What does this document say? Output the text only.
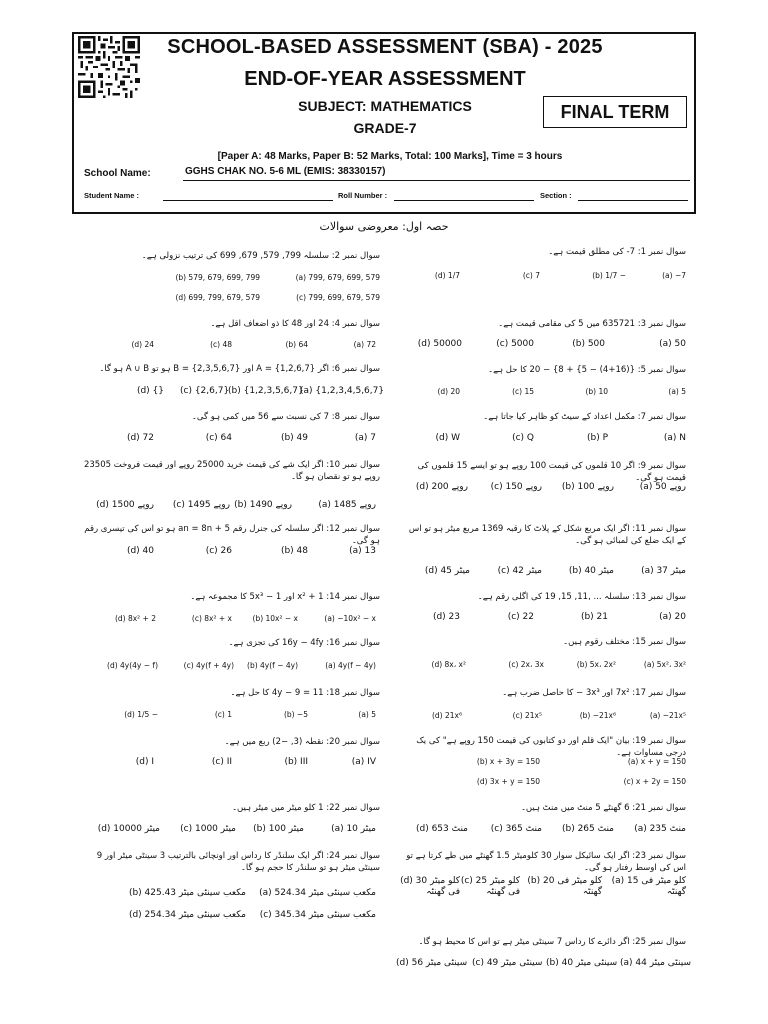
SCHOOL-BASED ASSESSMENT (SBA) - 2025
END-OF-YEAR ASSESSMENT
SUBJECT: MATHEMATICS
GRADE-7
FINAL TERM
[Paper A: 48 Marks, Paper B: 52 Marks, Total: 100 Marks], Time = 3 hours
School Name:	GGHS CHAK NO. 5-6 ML (EMIS: 38330157)
Student Name :	Roll Number :	Section :
حصہ اول: معروضی سوالات
سوال نمبر 1: 7- کی مطلق قیمت ہے۔
(a) −7
(b) 1/7 −
(c) 7
(d) 1/7
سوال نمبر 2: سلسلہ 799, 579, 679, 699 کی ترتیب نزولی ہے۔
(a) 799, 679, 699, 579
(b) 579, 679, 699, 799
(c) 799, 699, 679, 579
(d) 699, 799, 679, 579
سوال نمبر 3: 635721 میں 5 کی مقامی قیمت ہے۔
(a) 50
(b) 500
(c) 5000
(d) 50000
سوال نمبر 4: 24 اور 48 کا ذو اضعاف اقل ہے۔
(a) 72
(b) 64
(c) 48
(d) 24
سوال نمبر 5: {(16+4) − 5} + 8} − 20 کا حل ہے۔
(a) 5
(b) 10
(c) 15
(d) 20
سوال نمبر 6: اگر A = {1,2,6,7} اور B = {2,3,5,6,7} ہو تو A ∪ B ہو گا۔
(a) {1,2,3,4,5,6,7}
(b) {1,2,3,5,6,7}
(c) {2,6,7}
(d) {}
سوال نمبر 7: مکمل اعداد کے سیٹ کو ظاہر کیا جاتا ہے۔
(a) N
(b) P
(c) Q
(d) W
سوال نمبر 8: 7 کی نسبت سے 56 میں کمی ہو گی۔
(a) 7
(b) 49
(c) 64
(d) 72
سوال نمبر 9: اگر 10 قلموں کی قیمت 100 روپے ہو تو ایسے 15 قلموں کی قیمت ہو گی۔
(a) 50 روپے
(b) 100 روپے
(c) 150 روپے
(d) 200 روپے
سوال نمبر 10: اگر ایک شے کی قیمت خرید 25000 روپے اور قیمت فروخت 23505 روپے ہو تو نقصان ہو گا۔
(a) 1485 روپے
(b) 1490 روپے
(c) 1495 روپے
(d) 1500 روپے
سوال نمبر 11: اگر ایک مربع شکل کے پلاٹ کا رقبہ 1369 مربع میٹر ہو تو اس کے ایک ضلع کی لمبائی ہو گی۔
(a) 37 میٹر
(b) 40 میٹر
(c) 42 میٹر
(d) 45 میٹر
سوال نمبر 12: اگر سلسلہ کی جنرل رقم an = 8n + 5 ہو تو اس کی تیسری رقم ہو گی۔
(a) 13
(b) 48
(c) 26
(d) 40
سوال نمبر 13: سلسلہ ... ,11, 15, 19 کی اگلی رقم ہے۔
(a) 20
(b) 21
(c) 22
(d) 23
سوال نمبر 14: x² + 1 اور 5x³ − 1 کا مجموعہ ہے۔
(a) −10x² − x
(b) 10x² − x
(c) 8x² + x
(d) 8x² + 2
سوال نمبر 15: مختلف رقوم ہیں۔
(a) 5x²، 3x²
(b) 5x، 2x²
(c) 2x، 3x
(d) 8x، x²
سوال نمبر 16: 16y − 4fy کی تجزی ہے۔
(a) 4y(f − 4y)
(b) 4y(f − 4y)
(c) 4y(f + 4y)
(d) 4y(4y − f)
سوال نمبر 17: 7x² اور 3x³ − کا حاصل ضرب ہے۔
(a) −21x⁵
(b) −21x⁶
(c) 21x⁵
(d) 21x⁶
سوال نمبر 18: 4y − 9 = 11 کا حل ہے۔
(a) 5
(b) −5
(c) 1
(d) 1/5 −
سوال نمبر 19: بیان "ایک قلم اور دو کتابوں کی قیمت 150 روپے ہے" کی یک درجی مساوات ہے۔
(a) x + y = 150
(b) x + 3y = 150
(c) x + 2y = 150
(d) 3x + y = 150
سوال نمبر 20: نقطہ (3, −2) ربع میں ہے۔
(a) IV
(b) III
(c) II
(d) I
سوال نمبر 21: 6 گھنٹے 5 منٹ میں منٹ ہیں۔
(a) 235 منٹ
(b) 265 منٹ
(c) 365 منٹ
(d) 653 منٹ
سوال نمبر 22: 1 کلو میٹر میں میٹر ہیں۔
(a) 10 میٹر
(b) 100 میٹر
(c) 1000 میٹر
(d) 10000 میٹر
سوال نمبر 23: اگر ایک سائیکل سوار 30 کلومیٹر 1.5 گھنٹے میں طے کرتا ہے تو اس کی اوسط رفتار ہو گی۔
(a) 15 کلو میٹر فی گھنٹہ
(b) 20 کلو میٹر فی گھنٹہ
(c) 25 کلو میٹر فی گھنٹہ
(d) 30 کلو میٹر فی گھنٹہ
سوال نمبر 24: اگر ایک سلنڈر کا رداس اور اونچائی بالترتیب 3 سینٹی میٹر اور 9 سینٹی میٹر ہو تو سلنڈر کا حجم ہو گا۔
(a) 524.34 مکعب سینٹی میٹر
(b) 425.43 مکعب سینٹی میٹر
(c) 345.34 مکعب سینٹی میٹر
(d) 254.34 مکعب سینٹی میٹر
سوال نمبر 25: اگر دائرے کا رداس 7 سینٹی میٹر ہے تو اس کا محیط ہو گا۔
(a) 44 سینٹی میٹر
(b) 40 سینٹی میٹر
(c) 49 سینٹی میٹر
(d) 56 سینٹی میٹر
